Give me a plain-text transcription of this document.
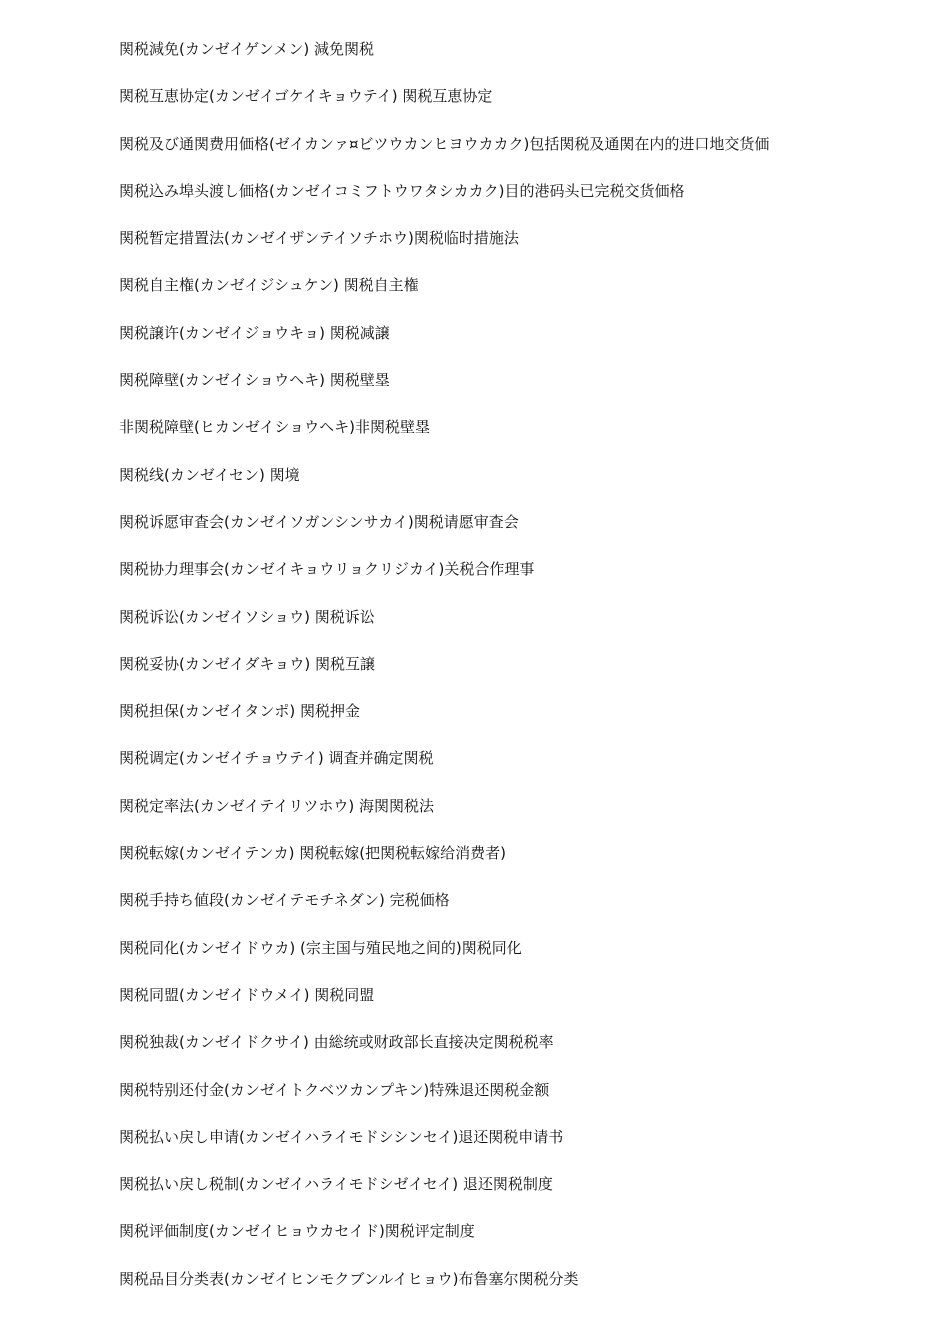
関税減免(カンゼイゲンメン) 減免関税
関税互恵协定(カンゼイゴケイキョウテイ) 関税互恵协定
関税及び通関费用価格(ゼイカンァ¤ビツウカンヒヨウカカク)包括関税及通関在内的进口地交货価
関税込み埠头渡し価格(カンゼイコミフトウワタシカカク)目的港码头已完税交货価格
関税暂定措置法(カンゼイザンテイソチホウ)関税临时措施法
関税自主権(カンゼイジシュケン) 関税自主権
関税譲许(カンゼイジョウキョ) 関税减譲
関税障壁(カンゼイショウヘキ) 関税壁塁
非関税障壁(ヒカンゼイショウヘキ)非関税壁塁
関税线(カンゼイセン) 関境
関税诉愿审査会(カンゼイソガンシンサカイ)関税请愿审査会
関税协力理事会(カンゼイキョウリョクリジカイ)关税合作理事
関税诉讼(カンゼイソショウ) 関税诉讼
関税妥协(カンゼイダキョウ) 関税互譲
関税担保(カンゼイタンポ) 関税押金
関税调定(カンゼイチョウテイ) 调査并确定関税
関税定率法(カンゼイテイリツホウ) 海関関税法
関税転嫁(カンゼイテンカ) 関税転嫁(把関税転嫁给消费者)
関税手持ち値段(カンゼイテモチネダン) 完税価格
関税同化(カンゼイドウカ) (宗主国与殖民地之间的)関税同化
関税同盟(カンゼイドウメイ) 関税同盟
関税独裁(カンゼイドクサイ) 由総统或财政部长直接决定関税税率
関税特别还付金(カンゼイトクベツカンプキン)特殊退还関税金额
関税払い戻し申请(カンゼイハライモドシシンセイ)退还関税申请书
関税払い戻し税制(カンゼイハライモドシゼイセイ) 退还関税制度
関税评価制度(カンゼイヒョウカセイド)関税评定制度
関税品目分类表(カンゼイヒンモクブンルイヒョウ)布鲁塞尔関税分类
